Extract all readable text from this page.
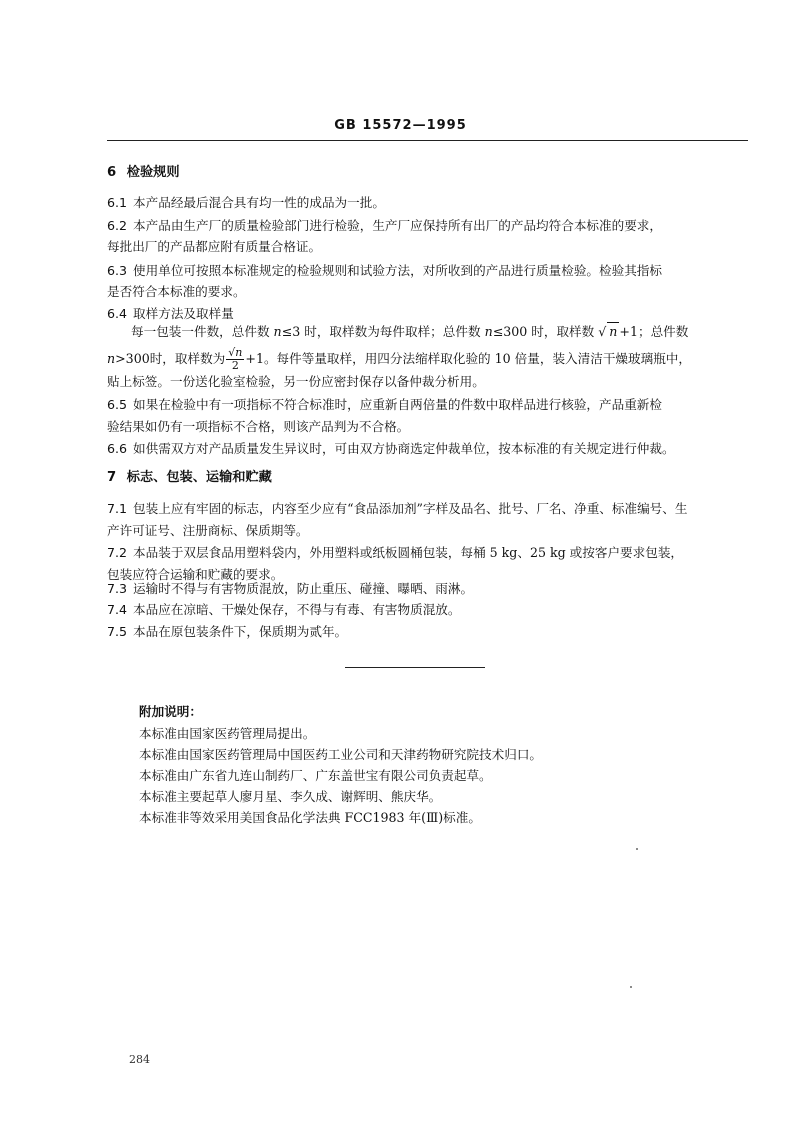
GB 15572—1995
6 检验规则
6.1 本产品经最后混合具有均一性的成品为一批。
6.2 本产品由生产厂的质量检验部门进行检验，生产厂应保持所有出厂的产品均符合本标准的要求，
每批出厂的产品都应附有质量合格证。
6.3 使用单位可按照本标准规定的检验规则和试验方法，对所收到的产品进行质量检验。检验其指标
是否符合本标准的要求。
6.4 取样方法及取样量
每一包装一件数，总件数 n≤3 时，取样数为每件取样；总件数 n≤300 时，取样数 √ n +1；总件数
n>300时，取样数为 $\frac{√n}{2} +1$。每件等量取样，用四分法缩样取化验的 10 倍量，装入清洁干燥玻璃瓶中，
贴上标签。一份送化验室检验，另一份应密封保存以备仲裁分析用。
6.5 如果在检验中有一项指标不符合标准时，应重新自两倍量的件数中取样品进行核验，产品重新检
验结果如仍有一项指标不合格，则该产品判为不合格。
6.6 如供需双方对产品质量发生异议时，可由双方协商选定仲裁单位，按本标准的有关规定进行仲裁。
7 标志、包装、运输和贮藏
7.1 包装上应有牢固的标志，内容至少应有“食品添加剂”字样及品名、批号、厂名、净重、标准编号、生
产许可证号、注册商标、保质期等。
7.2 本品装于双层食品用塑料袋内，外用塑料或纸板圆桶包装，每桶 5 kg、25 kg 或按客户要求包装，
包装应符合运输和贮藏的要求。
7.3 运输时不得与有害物质混放，防止重压、碰撞、曝晒、雨淋。
7.4 本品应在凉暗、干燥处保存，不得与有毒、有害物质混放。
7.5 本品在原包装条件下，保质期为贰年。
附加说明：
本标准由国家医药管理局提出。
本标准由国家医药管理局中国医药工业公司和天津药物研究院技术归口。
本标准由广东省九连山制药厂、广东盖世宝有限公司负责起草。
本标准主要起草人廖月星、李久成、谢辉明、熊庆华。
本标准非等效采用美国食品化学法典 FCC1983 年(Ⅲ)标准。
284
